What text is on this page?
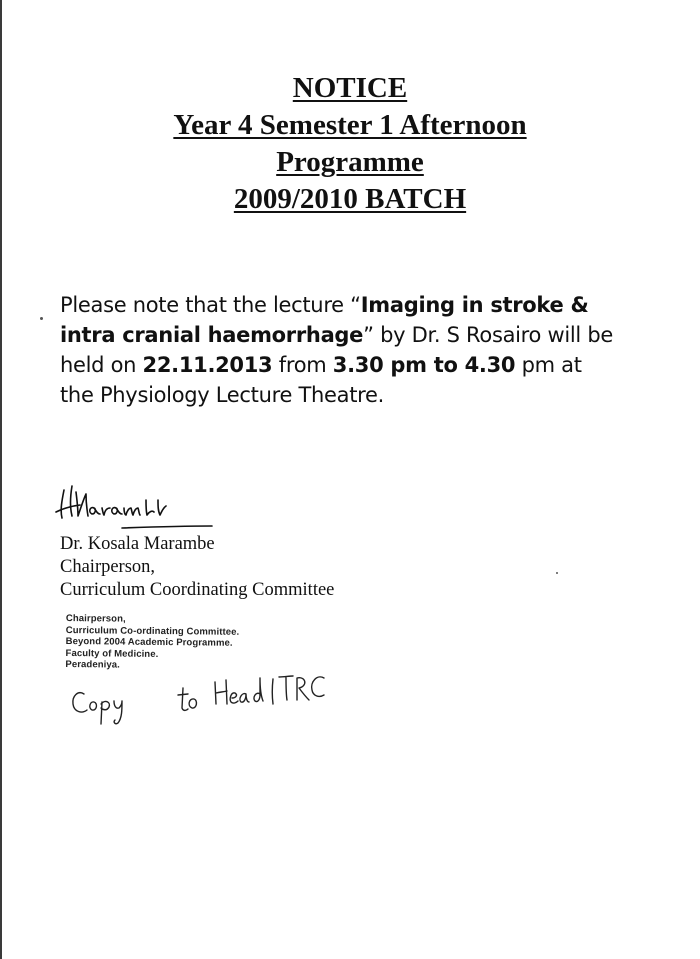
NOTICE
Year 4 Semester 1 Afternoon
Programme
2009/2010 BATCH
Please note that the lecture “Imaging in stroke & intra cranial haemorrhage” by Dr. S Rosairo will be held on 22.11.2013 from 3.30 pm to 4.30 pm at the Physiology Lecture Theatre.
Dr. Kosala Marambe
Chairperson,
Curriculum Coordinating Committee
Chairperson,
Curriculum Co-ordinating Committee.
Beyond 2004 Academic Programme.
Faculty of Medicine.
Peradeniya.
